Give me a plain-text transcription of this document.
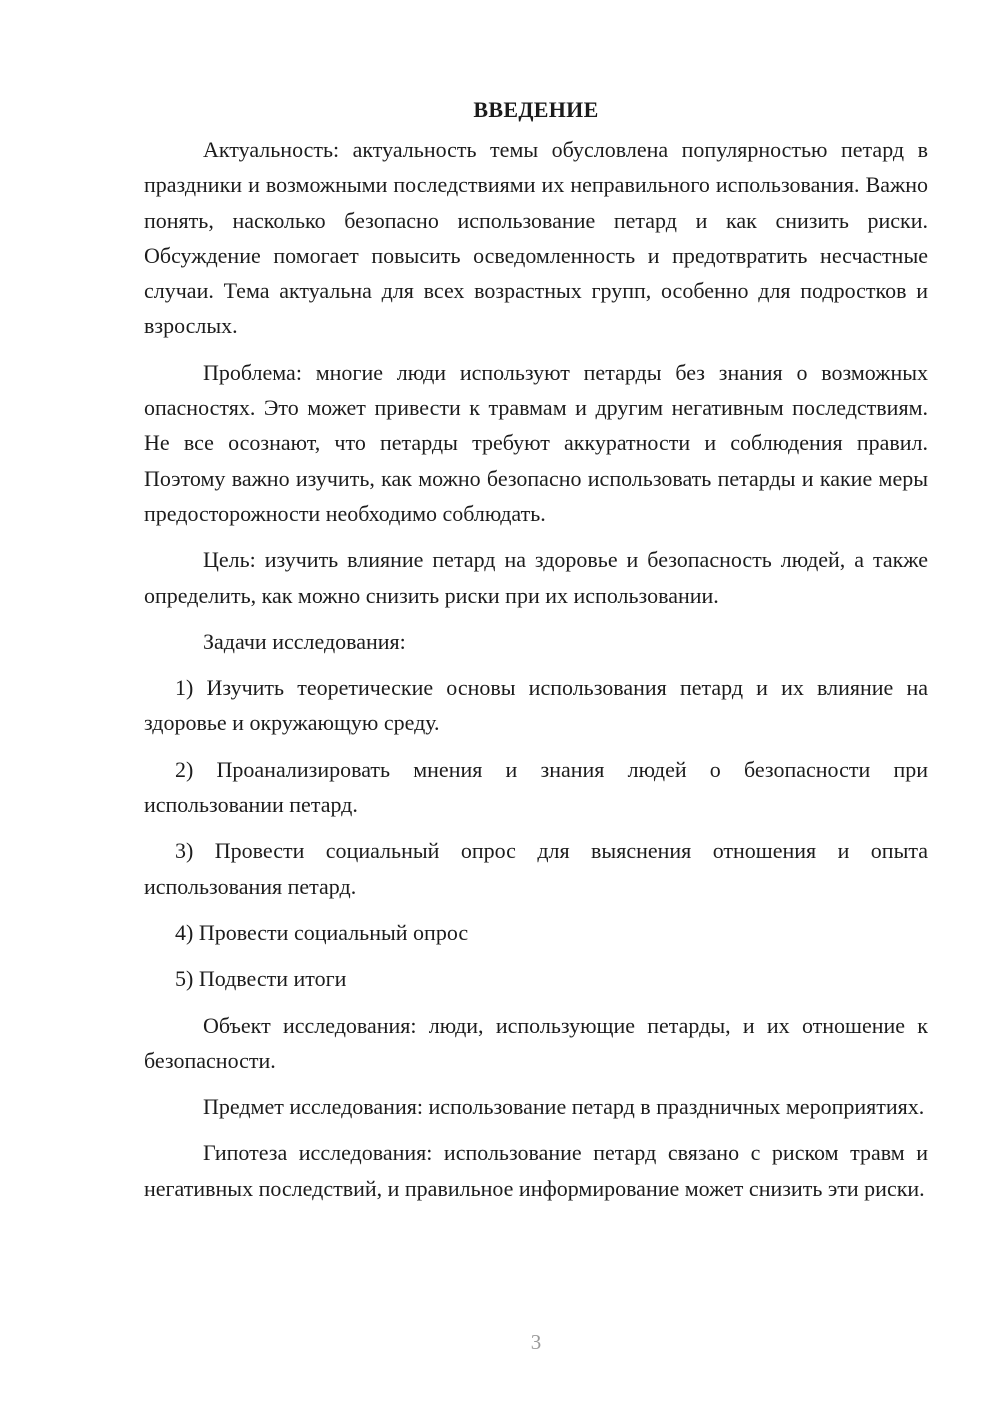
ВВЕДЕНИЕ

Актуальность: актуальность темы обусловлена популярностью петард в праздники и возможными последствиями их неправильного использования. Важно понять, насколько безопасно использование петард и как снизить риски. Обсуждение помогает повысить осведомленность и предотвратить несчастные случаи. Тема актуальна для всех возрастных групп, особенно для подростков и взрослых.

Проблема: многие люди используют петарды без знания о возможных опасностях. Это может привести к травмам и другим негативным последствиям. Не все осознают, что петарды требуют аккуратности и соблюдения правил. Поэтому важно изучить, как можно безопасно использовать петарды и какие меры предосторожности необходимо соблюдать.

Цель: изучить влияние петард на здоровье и безопасность людей, а также определить, как можно снизить риски при их использовании.

Задачи исследования:

1) Изучить теоретические основы использования петард и их влияние на здоровье и окружающую среду.

2) Проанализировать мнения и знания людей о безопасности при использовании петард.

3) Провести социальный опрос для выяснения отношения и опыта использования петард.

4) Провести социальный опрос

5) Подвести итоги

Объект исследования: люди, использующие петарды, и их отношение к безопасности.

Предмет исследования: использование петард в праздничных мероприятиях.

Гипотеза исследования: использование петард связано с риском травм и негативных последствий, и правильное информирование может снизить эти риски.

3
